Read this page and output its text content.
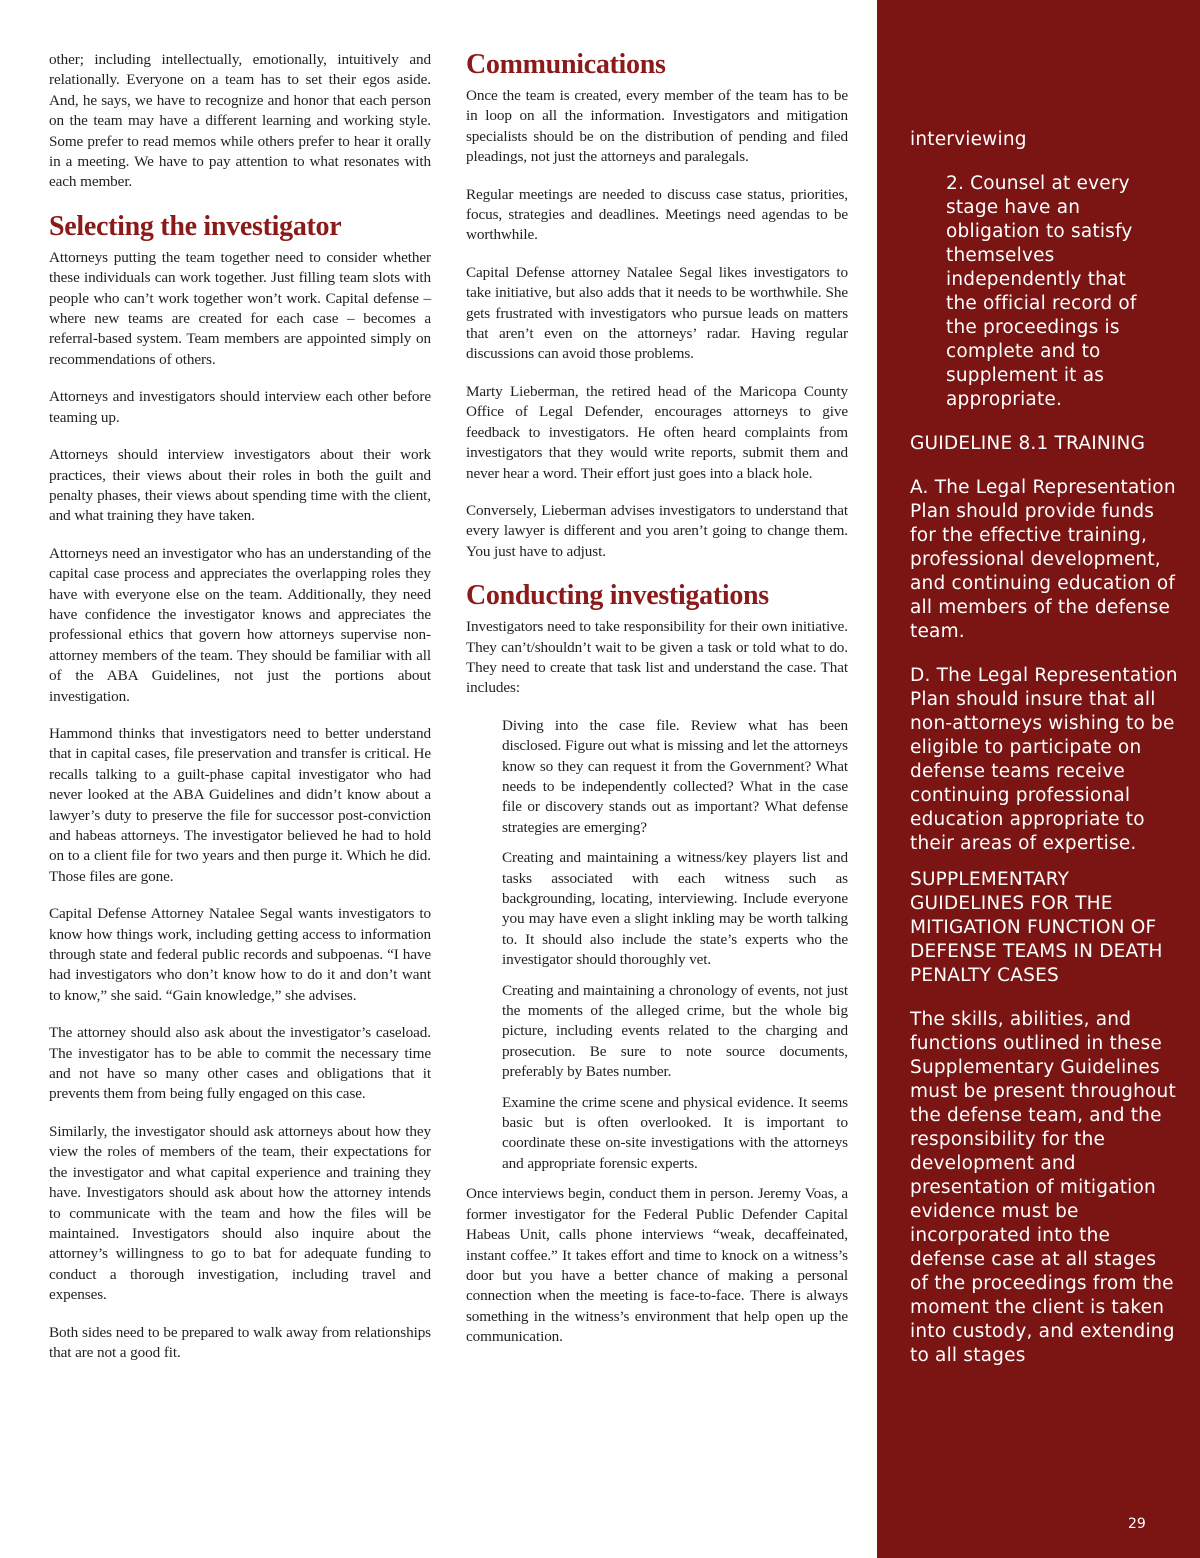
other; including intellectually, emotionally, intuitively and relationally. Everyone on a team has to set their egos aside. And, he says, we have to recognize and honor that each person on the team may have a different learning and working style. Some prefer to read memos while others prefer to hear it orally in a meeting. We have to pay attention to what resonates with each member.

Selecting the investigator

Attorneys putting the team together need to consider whether these individuals can work together. Just filling team slots with people who can’t work together won’t work. Capital defense – where new teams are created for each case – becomes a referral-based system. Team members are appointed simply on recommendations of others.

Attorneys and investigators should interview each other before teaming up.

Attorneys should interview investigators about their work practices, their views about their roles in both the guilt and penalty phases, their views about spending time with the client, and what training they have taken.

Attorneys need an investigator who has an understanding of the capital case process and appreciates the overlapping roles they have with everyone else on the team. Additionally, they need have confidence the investigator knows and appreciates the professional ethics that govern how attorneys supervise non-attorney members of the team. They should be familiar with all of the ABA Guidelines, not just the portions about investigation.

Hammond thinks that investigators need to better understand that in capital cases, file preservation and transfer is critical. He recalls talking to a guilt-phase capital investigator who had never looked at the ABA Guidelines and didn’t know about a lawyer’s duty to preserve the file for successor post-conviction and habeas attorneys. The investigator believed he had to hold on to a client file for two years and then purge it. Which he did. Those files are gone.

Capital Defense Attorney Natalee Segal wants investigators to know how things work, including getting access to information through state and federal public records and subpoenas. “I have had investigators who don’t know how to do it and don’t want to know,” she said. “Gain knowledge,” she advises.

The attorney should also ask about the investigator’s caseload. The investigator has to be able to commit the necessary time and not have so many other cases and obligations that it prevents them from being fully engaged on this case.

Similarly, the investigator should ask attorneys about how they view the roles of members of the team, their expectations for the investigator and what capital experience and training they have. Investigators should ask about how the attorney intends to communicate with the team and how the files will be maintained. Investigators should also inquire about the attorney’s willingness to go to bat for adequate funding to conduct a thorough investigation, including travel and expenses.

Both sides need to be prepared to walk away from relationships that are not a good fit.

Communications

Once the team is created, every member of the team has to be in loop on all the information. Investigators and mitigation specialists should be on the distribution of pending and filed pleadings, not just the attorneys and paralegals.

Regular meetings are needed to discuss case status, priorities, focus, strategies and deadlines. Meetings need agendas to be worthwhile.

Capital Defense attorney Natalee Segal likes investigators to take initiative, but also adds that it needs to be worthwhile. She gets frustrated with investigators who pursue leads on matters that aren’t even on the attorneys’ radar. Having regular discussions can avoid those problems.

Marty Lieberman, the retired head of the Maricopa County Office of Legal Defender, encourages attorneys to give feedback to investigators. He often heard complaints from investigators that they would write reports, submit them and never hear a word. Their effort just goes into a black hole.

Conversely, Lieberman advises investigators to understand that every lawyer is different and you aren’t going to change them. You just have to adjust.

Conducting investigations

Investigators need to take responsibility for their own initiative. They can’t/shouldn’t wait to be given a task or told what to do. They need to create that task list and understand the case. That includes:

Diving into the case file. Review what has been disclosed. Figure out what is missing and let the attorneys know so they can request it from the Government? What needs to be independently collected? What in the case file or discovery stands out as important? What defense strategies are emerging?
Creating and maintaining a witness/key players list and tasks associated with each witness such as backgrounding, locating, interviewing. Include everyone you may have even a slight inkling may be worth talking to. It should also include the state’s experts who the investigator should thoroughly vet.
Creating and maintaining a chronology of events, not just the moments of the alleged crime, but the whole big picture, including events related to the charging and prosecution. Be sure to note source documents, preferably by Bates number.
Examine the crime scene and physical evidence. It seems basic but is often overlooked. It is important to coordinate these on-site investigations with the attorneys and appropriate forensic experts.

Once interviews begin, conduct them in person. Jeremy Voas, a former investigator for the Federal Public Defender Capital Habeas Unit, calls phone interviews “weak, decaffeinated, instant coffee.” It takes effort and time to knock on a witness’s door but you have a better chance of making a personal connection when the meeting is face-to-face. There is always something in the witness’s environment that help open up the communication.

interviewing

2. Counsel at every stage have an obligation to satisfy themselves independently that the official record of the proceedings is complete and to supplement it as appropriate.

GUIDELINE 8.1 TRAINING

A. The Legal Representation Plan should provide funds for the effective training, professional development, and continuing education of all members of the defense team.

D. The Legal Representation Plan should insure that all non-attorneys wishing to be eligible to participate on defense teams receive continuing professional education appropriate to their areas of expertise.

SUPPLEMENTARY GUIDELINES FOR THE MITIGATION FUNCTION OF DEFENSE TEAMS IN DEATH PENALTY CASES

The skills, abilities, and functions outlined in these Supplementary Guidelines must be present throughout the defense team, and the responsibility for the development and presentation of mitigation evidence must be incorporated into the defense case at all stages of the proceedings from the moment the client is taken into custody, and extending to all stages

29
